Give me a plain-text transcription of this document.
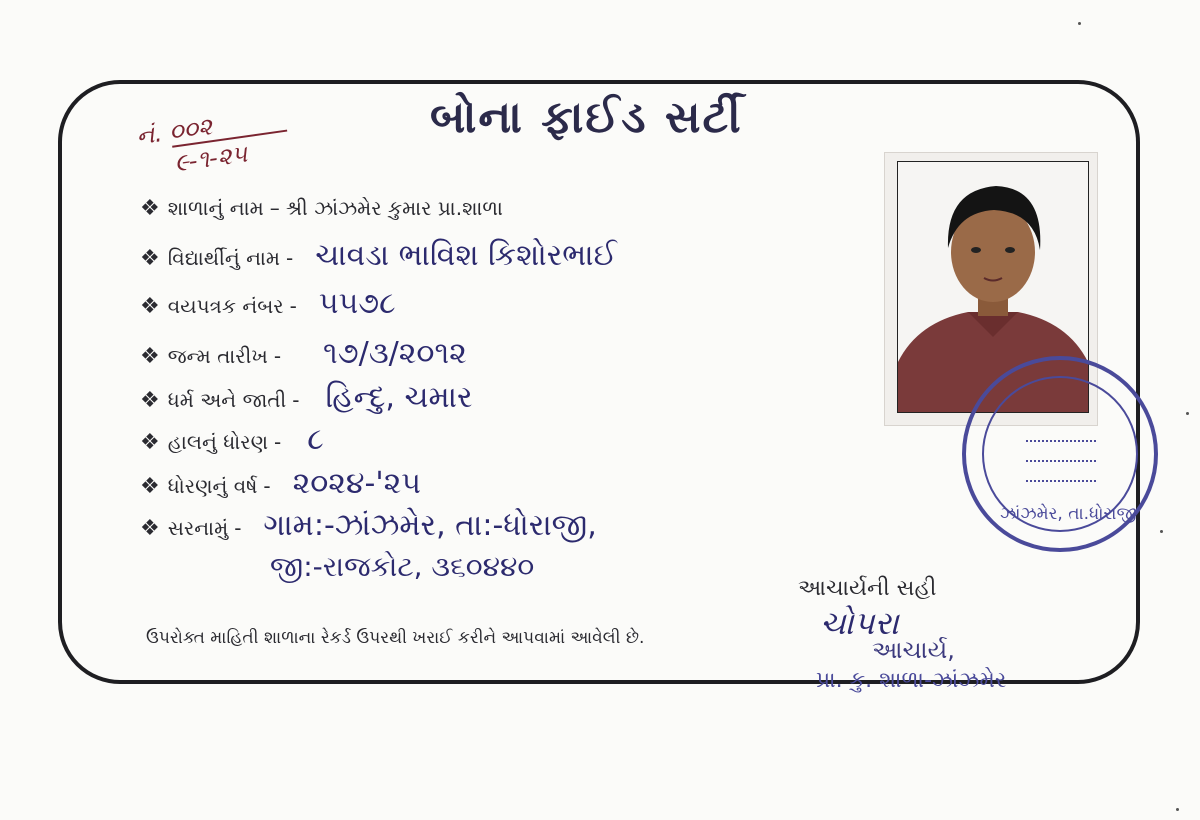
નં. ૦૦૨
૯-૧-૨૫
બોના ફાઈડ સર્ટી
❖ શાળાનું નામ – શ્રી ઝાંઝમેર કુમાર પ્રા.શાળા
❖ વિદ્યાર્થીનું નામ - ચાવડા ભાવિશ કિશોરભાઈ
❖ વયપત્રક નંબર - ૫૫૭૮
❖ જન્મ તારીખ - ૧૭/૩/૨૦૧૨
❖ ધર્મ અને જાતી - હિન્દુ, ચમાર
❖ હાલનું ધોરણ - ૮
❖ ધોરણનું વર્ષ - ૨૦૨૪-'૨૫
❖ સરનામું - ગામ:-ઝાંઝમેર, તા:-ધોરાજી,
જી:-રાજકોટ, ૩૬૦૪૪૦
ઉપરોક્ત માહિતી શાળાના રેકર્ડ ઉપરથી ખરાઈ કરીને આપવામાં આવેલી છે.
ઝાંઝમેર, તા.ધોરાજી
આચાર્યની સહી
ચોપરા
આચાર્ય,
પ્રા. કુ. શાળા-ઝાંઝમેર
